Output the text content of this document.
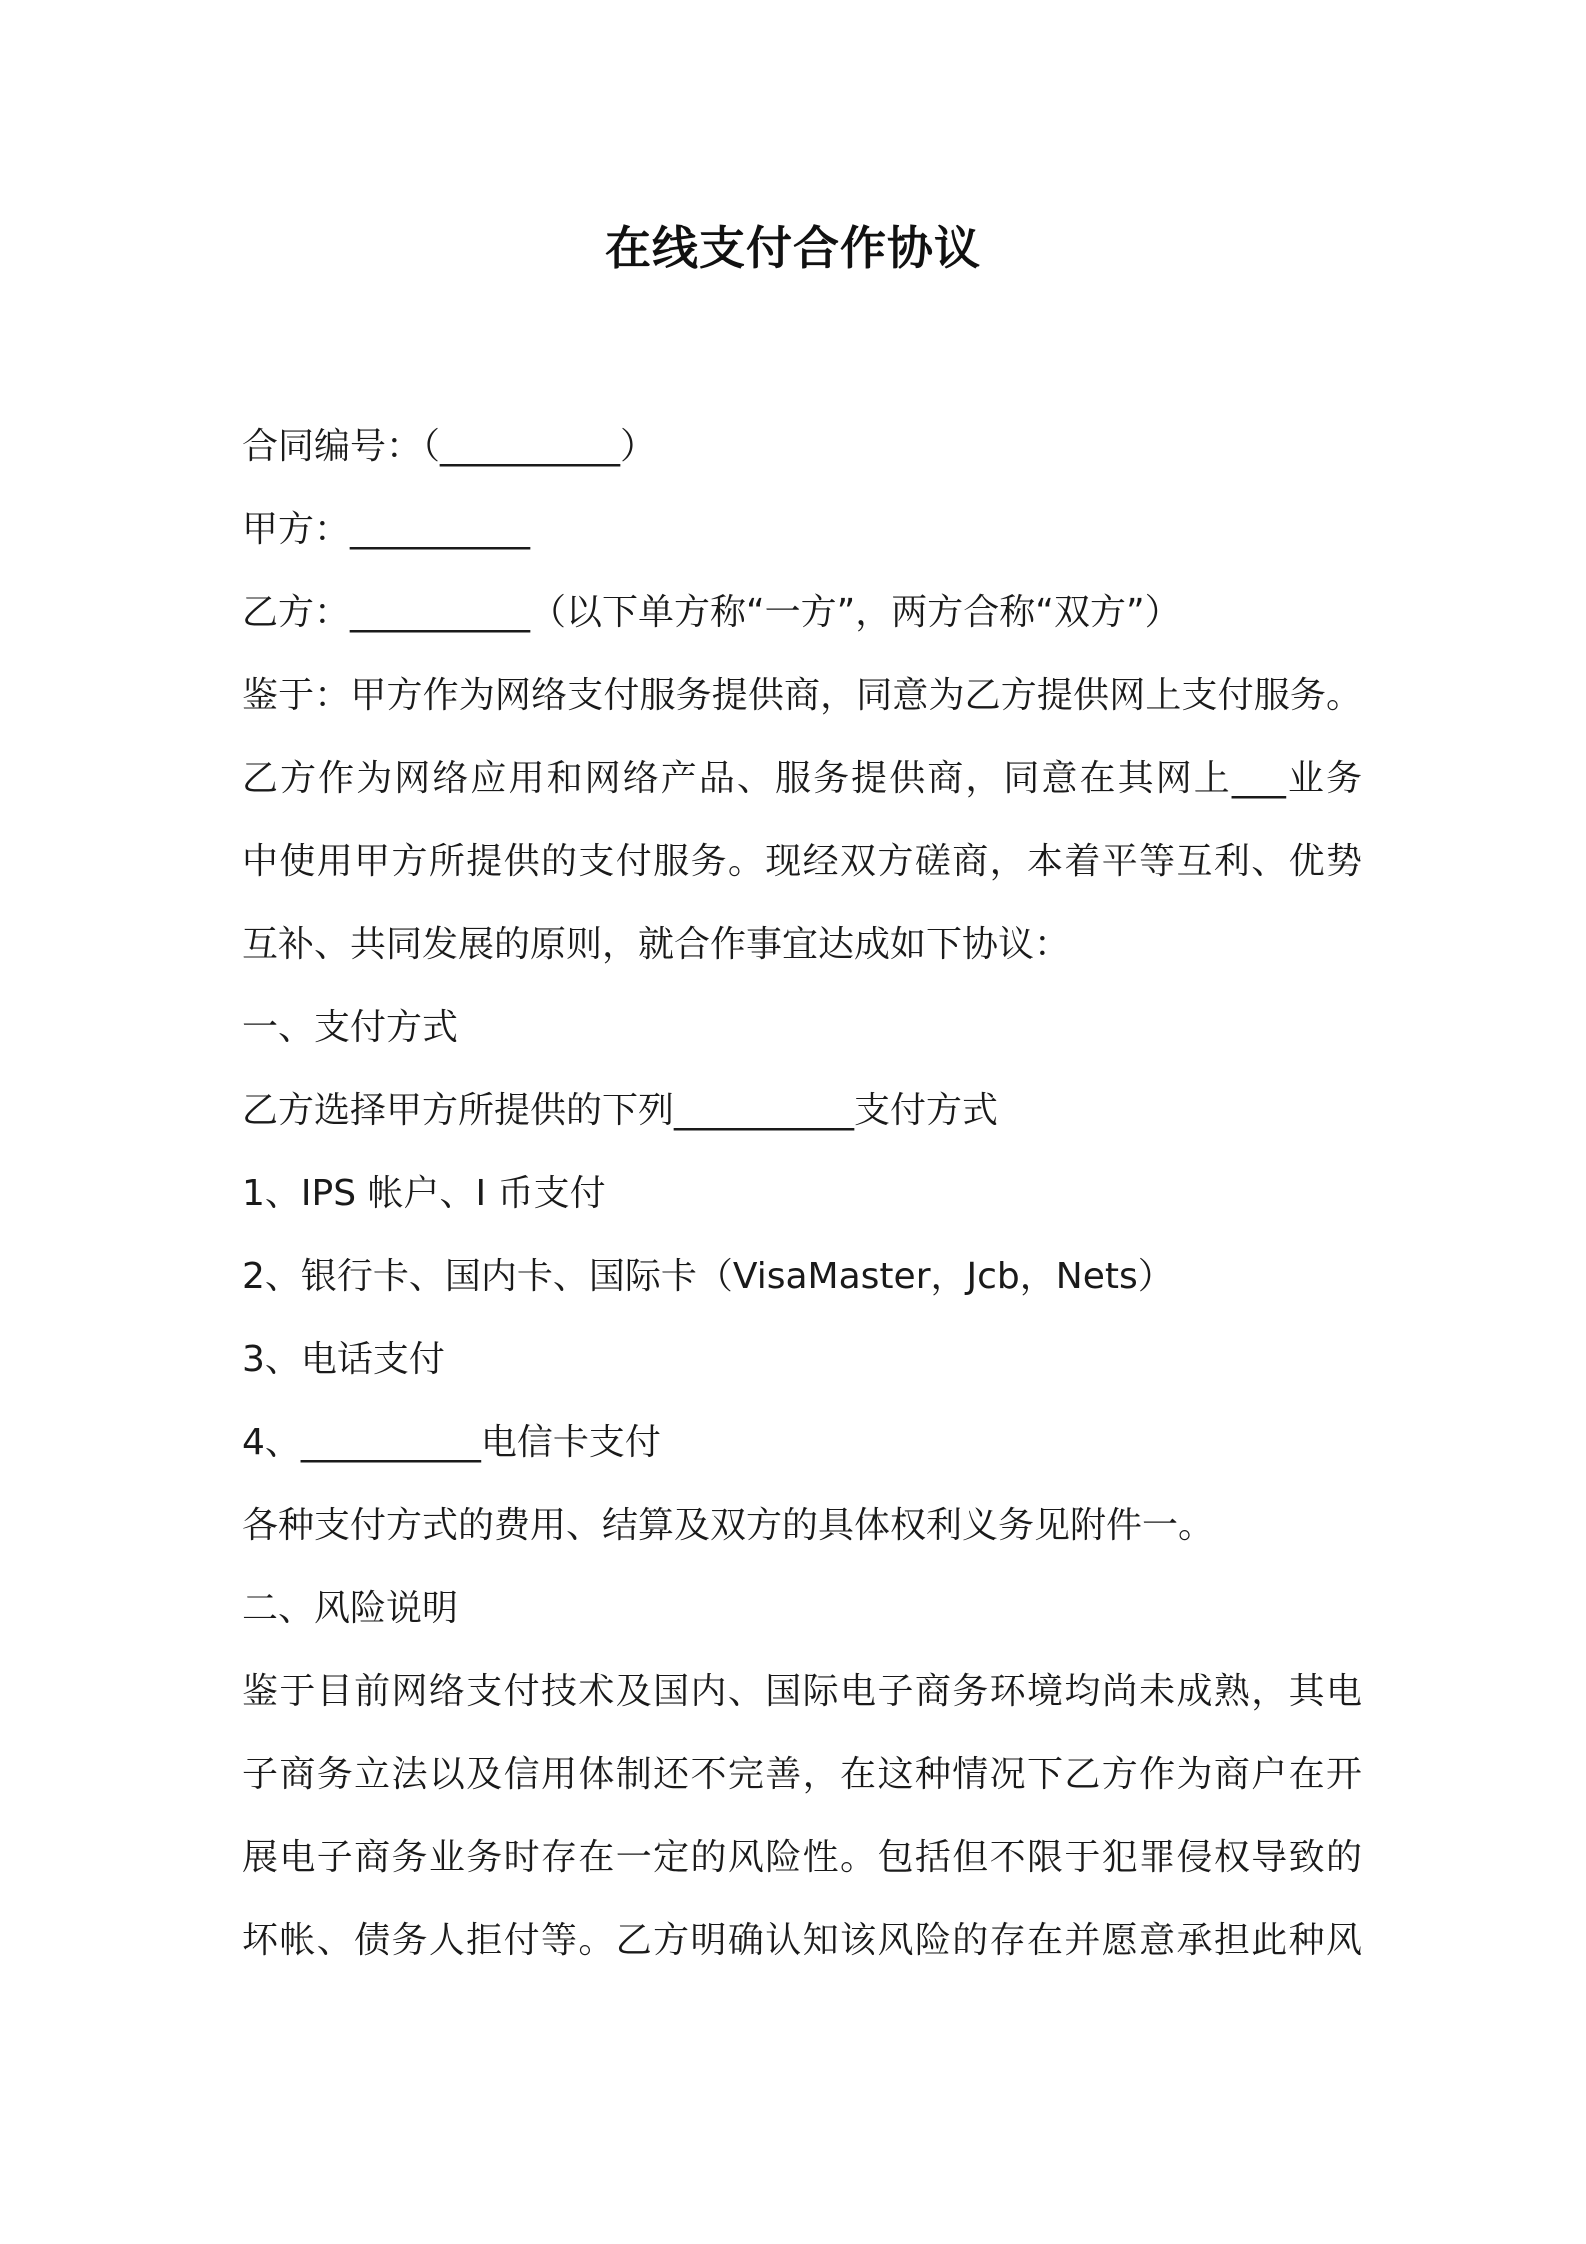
在线支付合作协议
合同编号：（__________）
甲方：__________
乙方：__________（以下单方称“一方”，两方合称“双方”）
鉴于：甲方作为网络支付服务提供商，同意为乙方提供网上支付服务。
乙方作为网络应用和网络产品、服务提供商，同意在其网上___业务
中使用甲方所提供的支付服务。现经双方磋商，本着平等互利、优势
互补、共同发展的原则，就合作事宜达成如下协议：
一、支付方式
乙方选择甲方所提供的下列__________支付方式
1、IPS 帐户、I 币支付
2、银行卡、国内卡、国际卡（VisaMaster，Jcb，Nets）
3、电话支付
4、__________电信卡支付
各种支付方式的费用、结算及双方的具体权利义务见附件一。
二、风险说明
鉴于目前网络支付技术及国内、国际电子商务环境均尚未成熟，其电
子商务立法以及信用体制还不完善，在这种情况下乙方作为商户在开
展电子商务业务时存在一定的风险性。包括但不限于犯罪侵权导致的
坏帐、债务人拒付等。乙方明确认知该风险的存在并愿意承担此种风
